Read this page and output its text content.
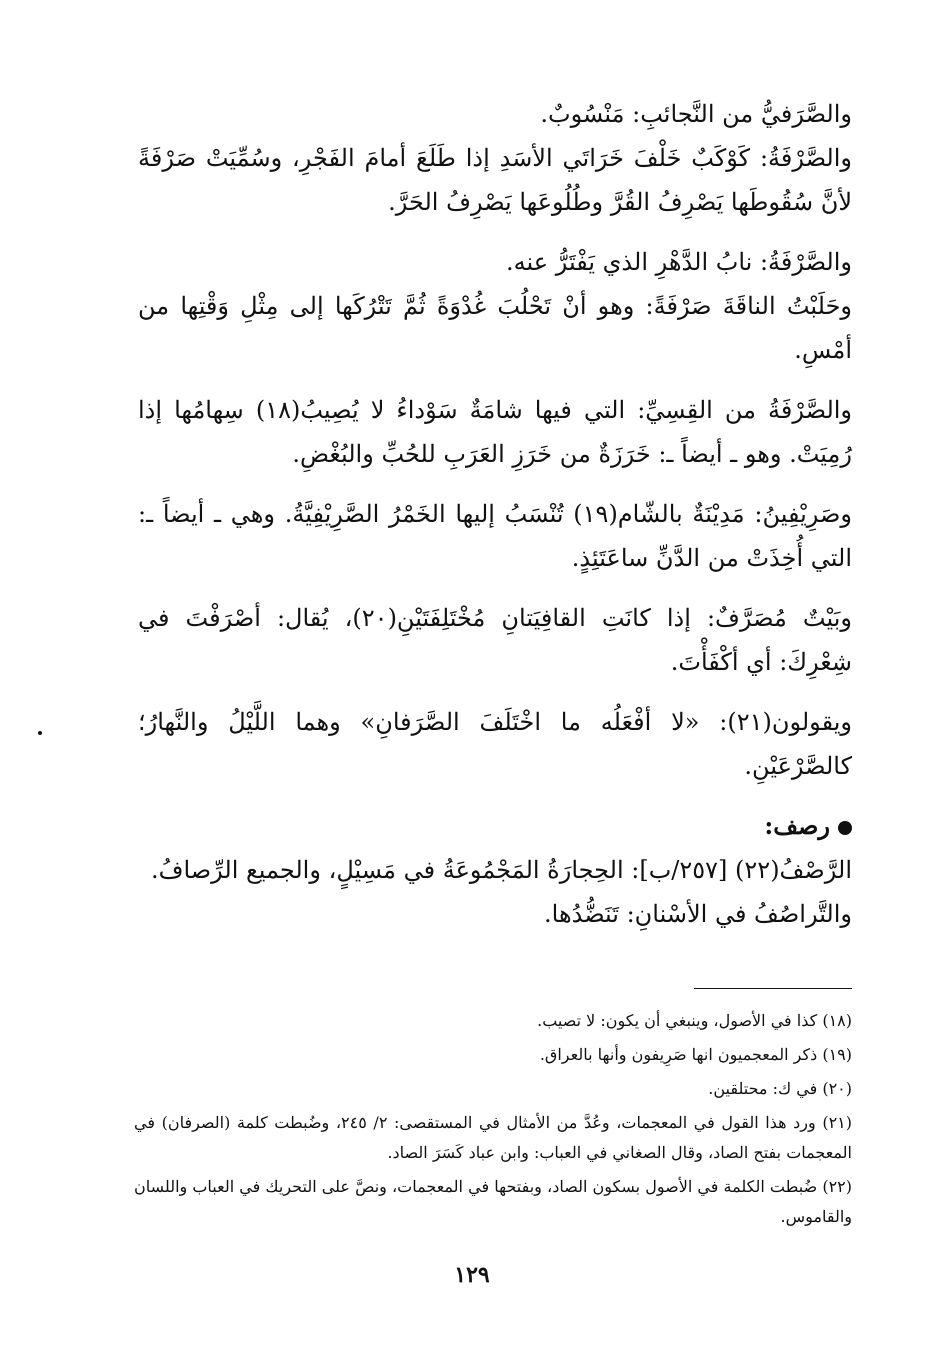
والصَّرَفيُّ من النَّجائبِ: مَنْسُوبٌ.

والصَّرْفَةُ: كَوْكَبٌ خَلْفَ خَرَاتَي الأسَدِ إذا طَلَعَ أمامَ الفَجْرِ، وسُمِّيَتْ صَرْفَةً لأنَّ سُقُوطَها يَصْرِفُ القُرَّ وطُلُوعَها يَصْرِفُ الحَرَّ.

والصَّرْفَةُ: نابُ الدَّهْرِ الذي يَفْتَرُّ عنه.

وحَلَبْتُ الناقَةَ صَرْفَةً: وهو أنْ تَحْلُبَ غُدْوَةً ثُمَّ تَتْرُكَها إلى مِثْلِ وَقْتِها من أمْسِ.

والصَّرْفَةُ من القِسِيِّ: التي فيها شامَةٌ سَوْداءُ لا يُصِيبُ(١٨) سِهامُها إذا رُمِيَتْ. وهو ـ أيضاً ـ: خَرَزَةٌ من خَرَزِ العَرَبِ للحُبِّ والبُغْضِ.

وصَرِيْفِينُ: مَدِيْنَةٌ بالشّام(١٩) تُنْسَبُ إليها الخَمْرُ الصَّرِيْفِيَّةُ. وهي ـ أيضاً ـ: التي أُخِذَتْ من الدَّنِّ ساعَتَئِذٍ.

وبَيْتٌ مُصَرَّفٌ: إذا كانَتِ القافِيَتانِ مُخْتَلِفَتَيْنِ(٢٠)، يُقال: أصْرَفْتَ في شِعْرِكَ: أي أكْفَأْتَ.

ويقولون(٢١): «لا أفْعَلُه ما اخْتَلَفَ الصَّرَفانِ» وهما اللَّيْلُ والنَّهارُ؛ كالصَّرْعَيْنِ.

رصف:

الرَّصْفُ(٢٢) [٢٥٧/ب]: الحِجارَةُ المَجْمُوعَةُ في مَسِيْلٍ، والجميع الرِّصافُ.

والتَّراصُفُ في الأسْنانِ: تَنَضُّدُها.

(١٨) كذا في الأصول، وينبغي أن يكون: لا تصيب.

(١٩) ذكر المعجميون انها صَرِيفون وأنها بالعراق.

(٢٠) في ك: محتلقين.

(٢١) ورد هذا القول في المعجمات، وعُدَّ من الأمثال في المستقصى: ٢/ ٢٤٥، وضُبطت كلمة (الصرفان) في المعجمات بفتح الصاد، وقال الصغاني في العباب: وابن عباد كَسَرَ الصاد.

(٢٢) ضُبطت الكلمة في الأصول بسكون الصاد، وبفتحها في المعجمات، ونصَّ على التحريك في العباب واللسان والقاموس.

١٢٩
